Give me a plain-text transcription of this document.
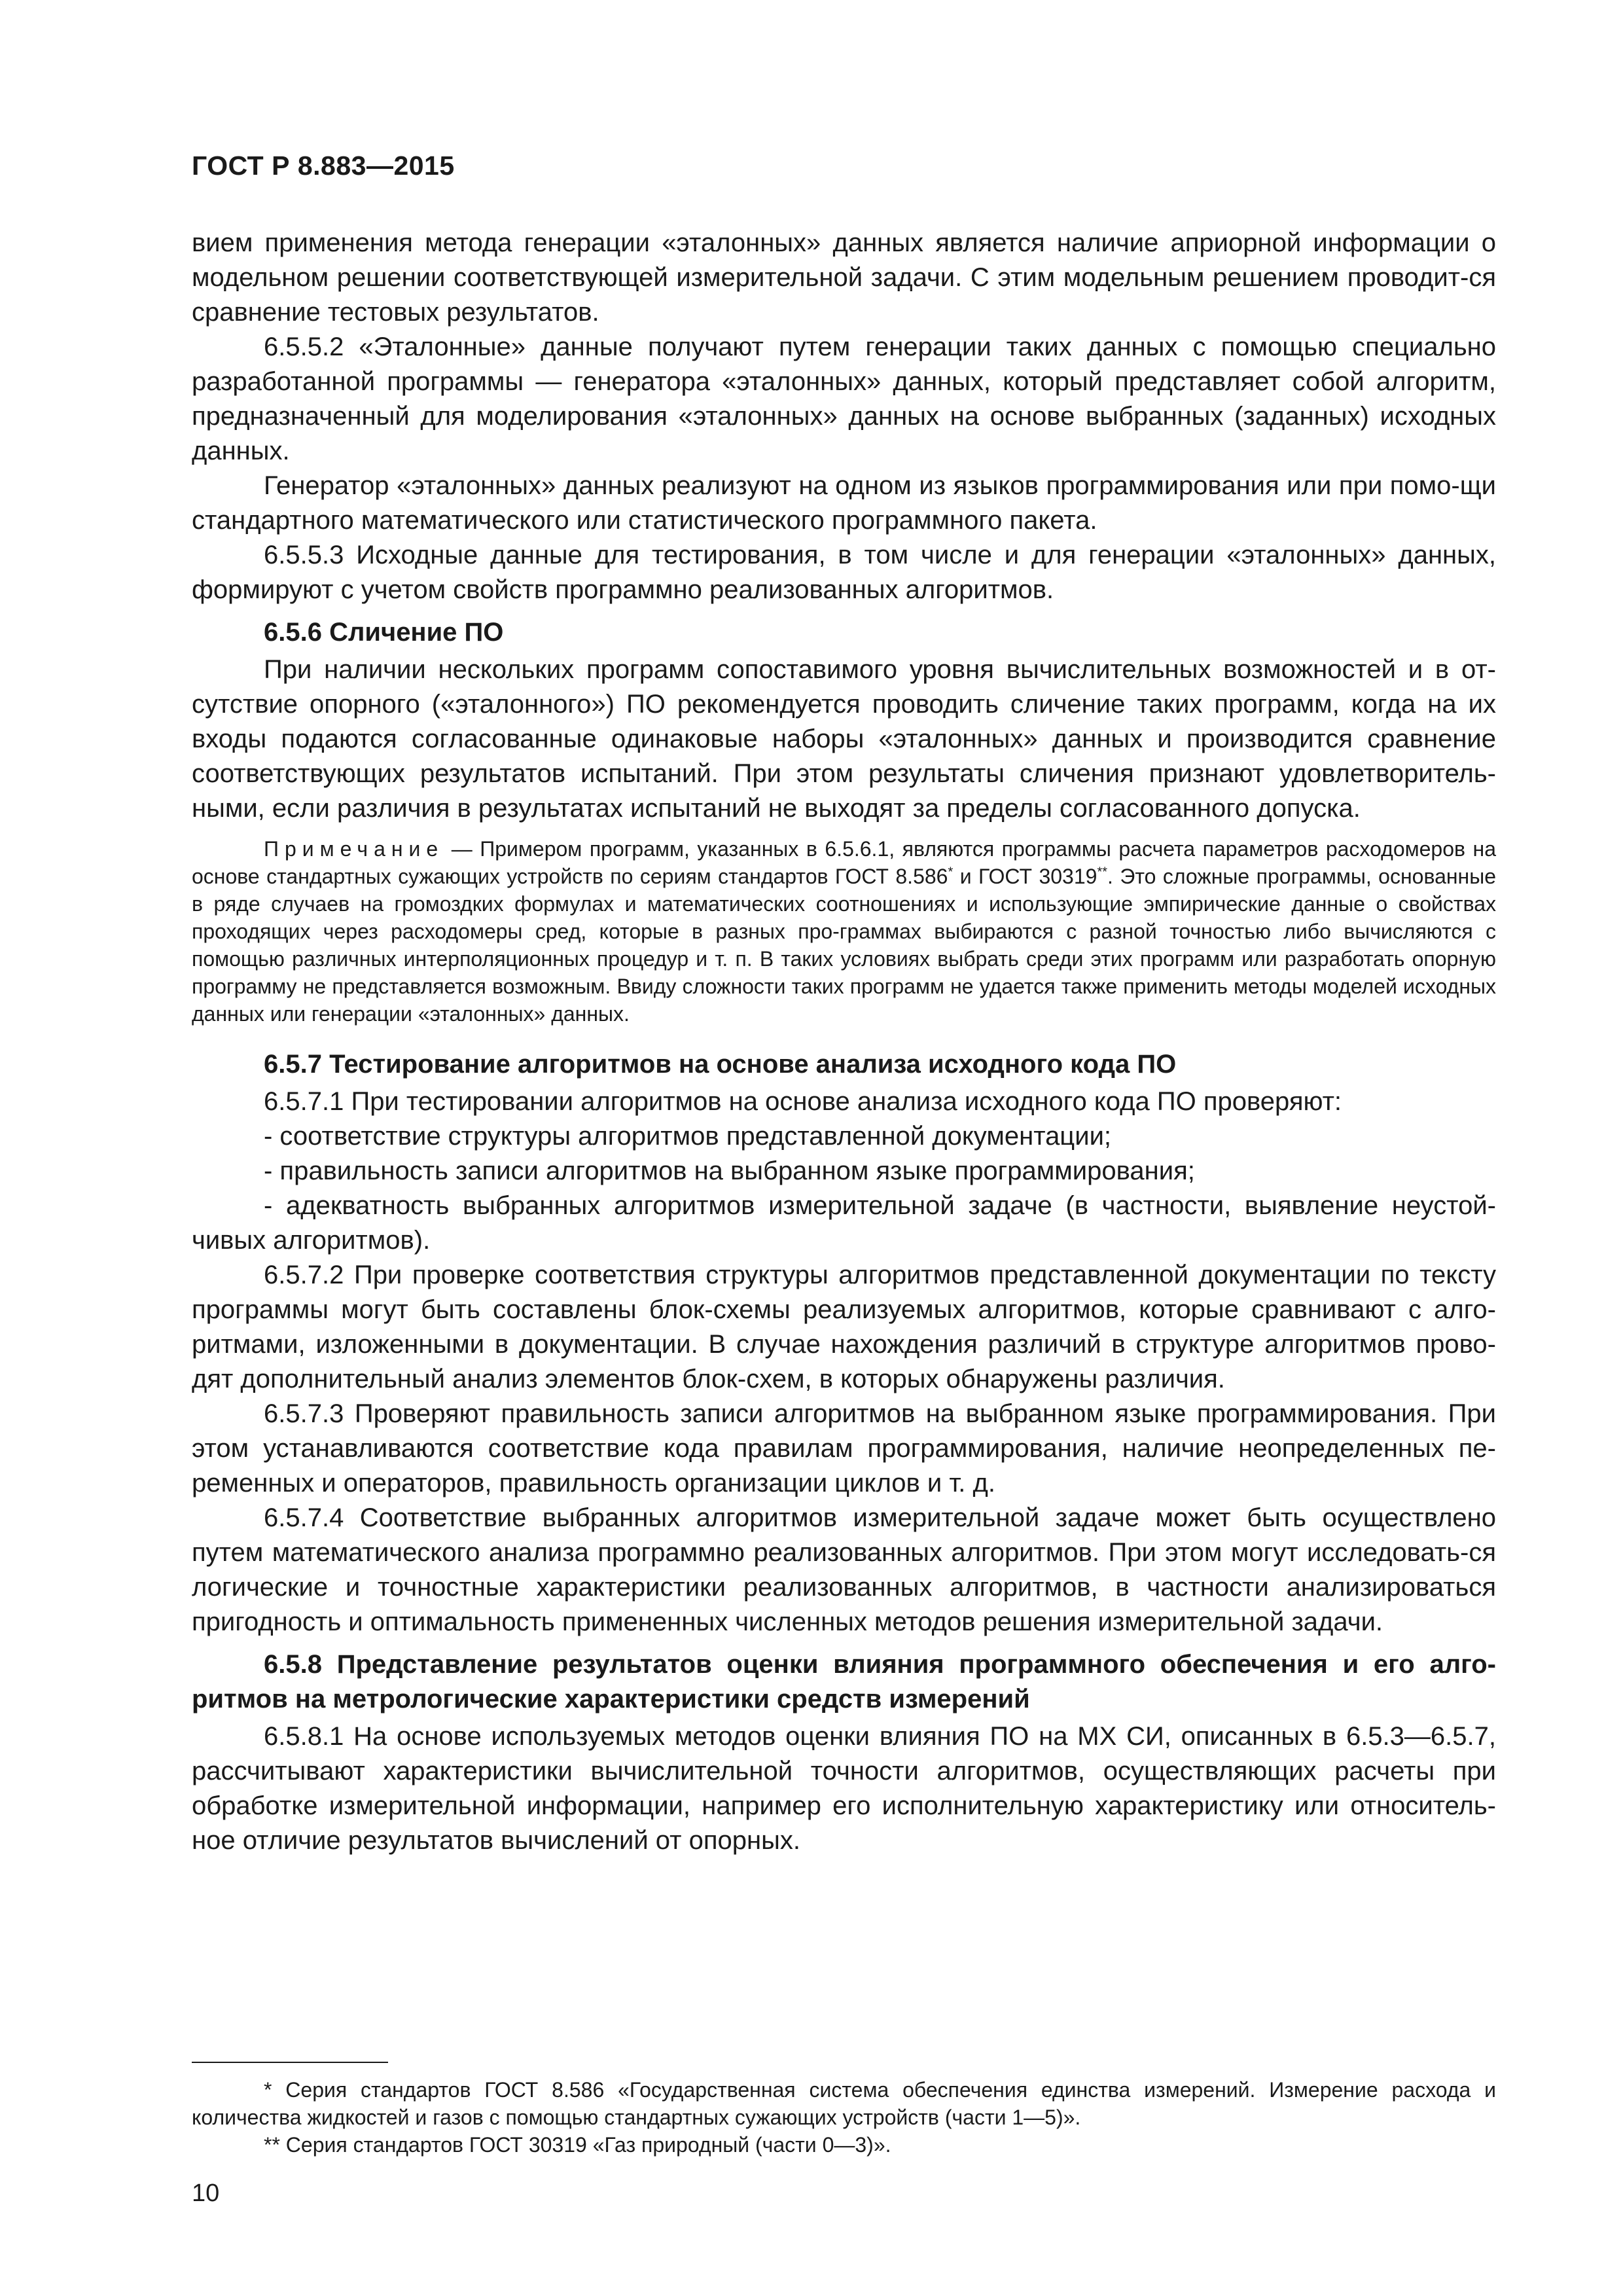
ГОСТ Р 8.883—2015

вием применения метода генерации «эталонных» данных является наличие априорной информации о модельном решении соответствующей измерительной задачи. С этим модельным решением проводит-ся сравнение тестовых результатов.

6.5.5.2 «Эталонные» данные получают путем генерации таких данных с помощью специально разработанной программы — генератора «эталонных» данных, который представляет собой алгоритм, предназначенный для моделирования «эталонных» данных на основе выбранных (заданных) исходных данных.

Генератор «эталонных» данных реализуют на одном из языков программирования или при помо-щи стандартного математического или статистического программного пакета.

6.5.5.3 Исходные данные для тестирования, в том числе и для генерации «эталонных» данных, формируют с учетом свойств программно реализованных алгоритмов.

6.5.6 Сличение ПО

При наличии нескольких программ сопоставимого уровня вычислительных возможностей и в от-сутствие опорного («эталонного») ПО рекомендуется проводить сличение таких программ, когда на их входы подаются согласованные одинаковые наборы «эталонных» данных и производится сравнение соответствующих результатов испытаний. При этом результаты сличения признают удовлетворитель-ными, если различия в результатах испытаний не выходят за пределы согласованного допуска.

Примечание — Примером программ, указанных в 6.5.6.1, являются программы расчета параметров расходомеров на основе стандартных сужающих устройств по сериям стандартов ГОСТ 8.586* и ГОСТ 30319**. Это сложные программы, основанные в ряде случаев на громоздких формулах и математических соотношениях и использующие эмпирические данные о свойствах проходящих через расходомеры сред, которые в разных про-граммах выбираются с разной точностью либо вычисляются с помощью различных интерполяционных процедур и т. п. В таких условиях выбрать среди этих программ или разработать опорную программу не представляется возможным. Ввиду сложности таких программ не удается также применить методы моделей исходных данных или генерации «эталонных» данных.

6.5.7 Тестирование алгоритмов на основе анализа исходного кода ПО

6.5.7.1 При тестировании алгоритмов на основе анализа исходного кода ПО проверяют:

- соответствие структуры алгоритмов представленной документации;

- правильность записи алгоритмов на выбранном языке программирования;

- адекватность выбранных алгоритмов измерительной задаче (в частности, выявление неустой-чивых алгоритмов).

6.5.7.2 При проверке соответствия структуры алгоритмов представленной документации по тексту программы могут быть составлены блок-схемы реализуемых алгоритмов, которые сравнивают с алго-ритмами, изложенными в документации. В случае нахождения различий в структуре алгоритмов прово-дят дополнительный анализ элементов блок-схем, в которых обнаружены различия.

6.5.7.3 Проверяют правильность записи алгоритмов на выбранном языке программирования. При этом устанавливаются соответствие кода правилам программирования, наличие неопределенных пе-ременных и операторов, правильность организации циклов и т. д.

6.5.7.4 Соответствие выбранных алгоритмов измерительной задаче может быть осуществлено путем математического анализа программно реализованных алгоритмов. При этом могут исследовать-ся логические и точностные характеристики реализованных алгоритмов, в частности анализироваться пригодность и оптимальность примененных численных методов решения измерительной задачи.

6.5.8 Представление результатов оценки влияния программного обеспечения и его алго-ритмов на метрологические характеристики средств измерений

6.5.8.1 На основе используемых методов оценки влияния ПО на МХ СИ, описанных в 6.5.3—6.5.7, рассчитывают характеристики вычислительной точности алгоритмов, осуществляющих расчеты при обработке измерительной информации, например его исполнительную характеристику или относитель-ное отличие результатов вычислений от опорных.

* Серия стандартов ГОСТ 8.586 «Государственная система обеспечения единства измерений. Измерение расхода и количества жидкостей и газов с помощью стандартных сужающих устройств (части 1—5)».

** Серия стандартов ГОСТ 30319 «Газ природный (части 0—3)».

10
